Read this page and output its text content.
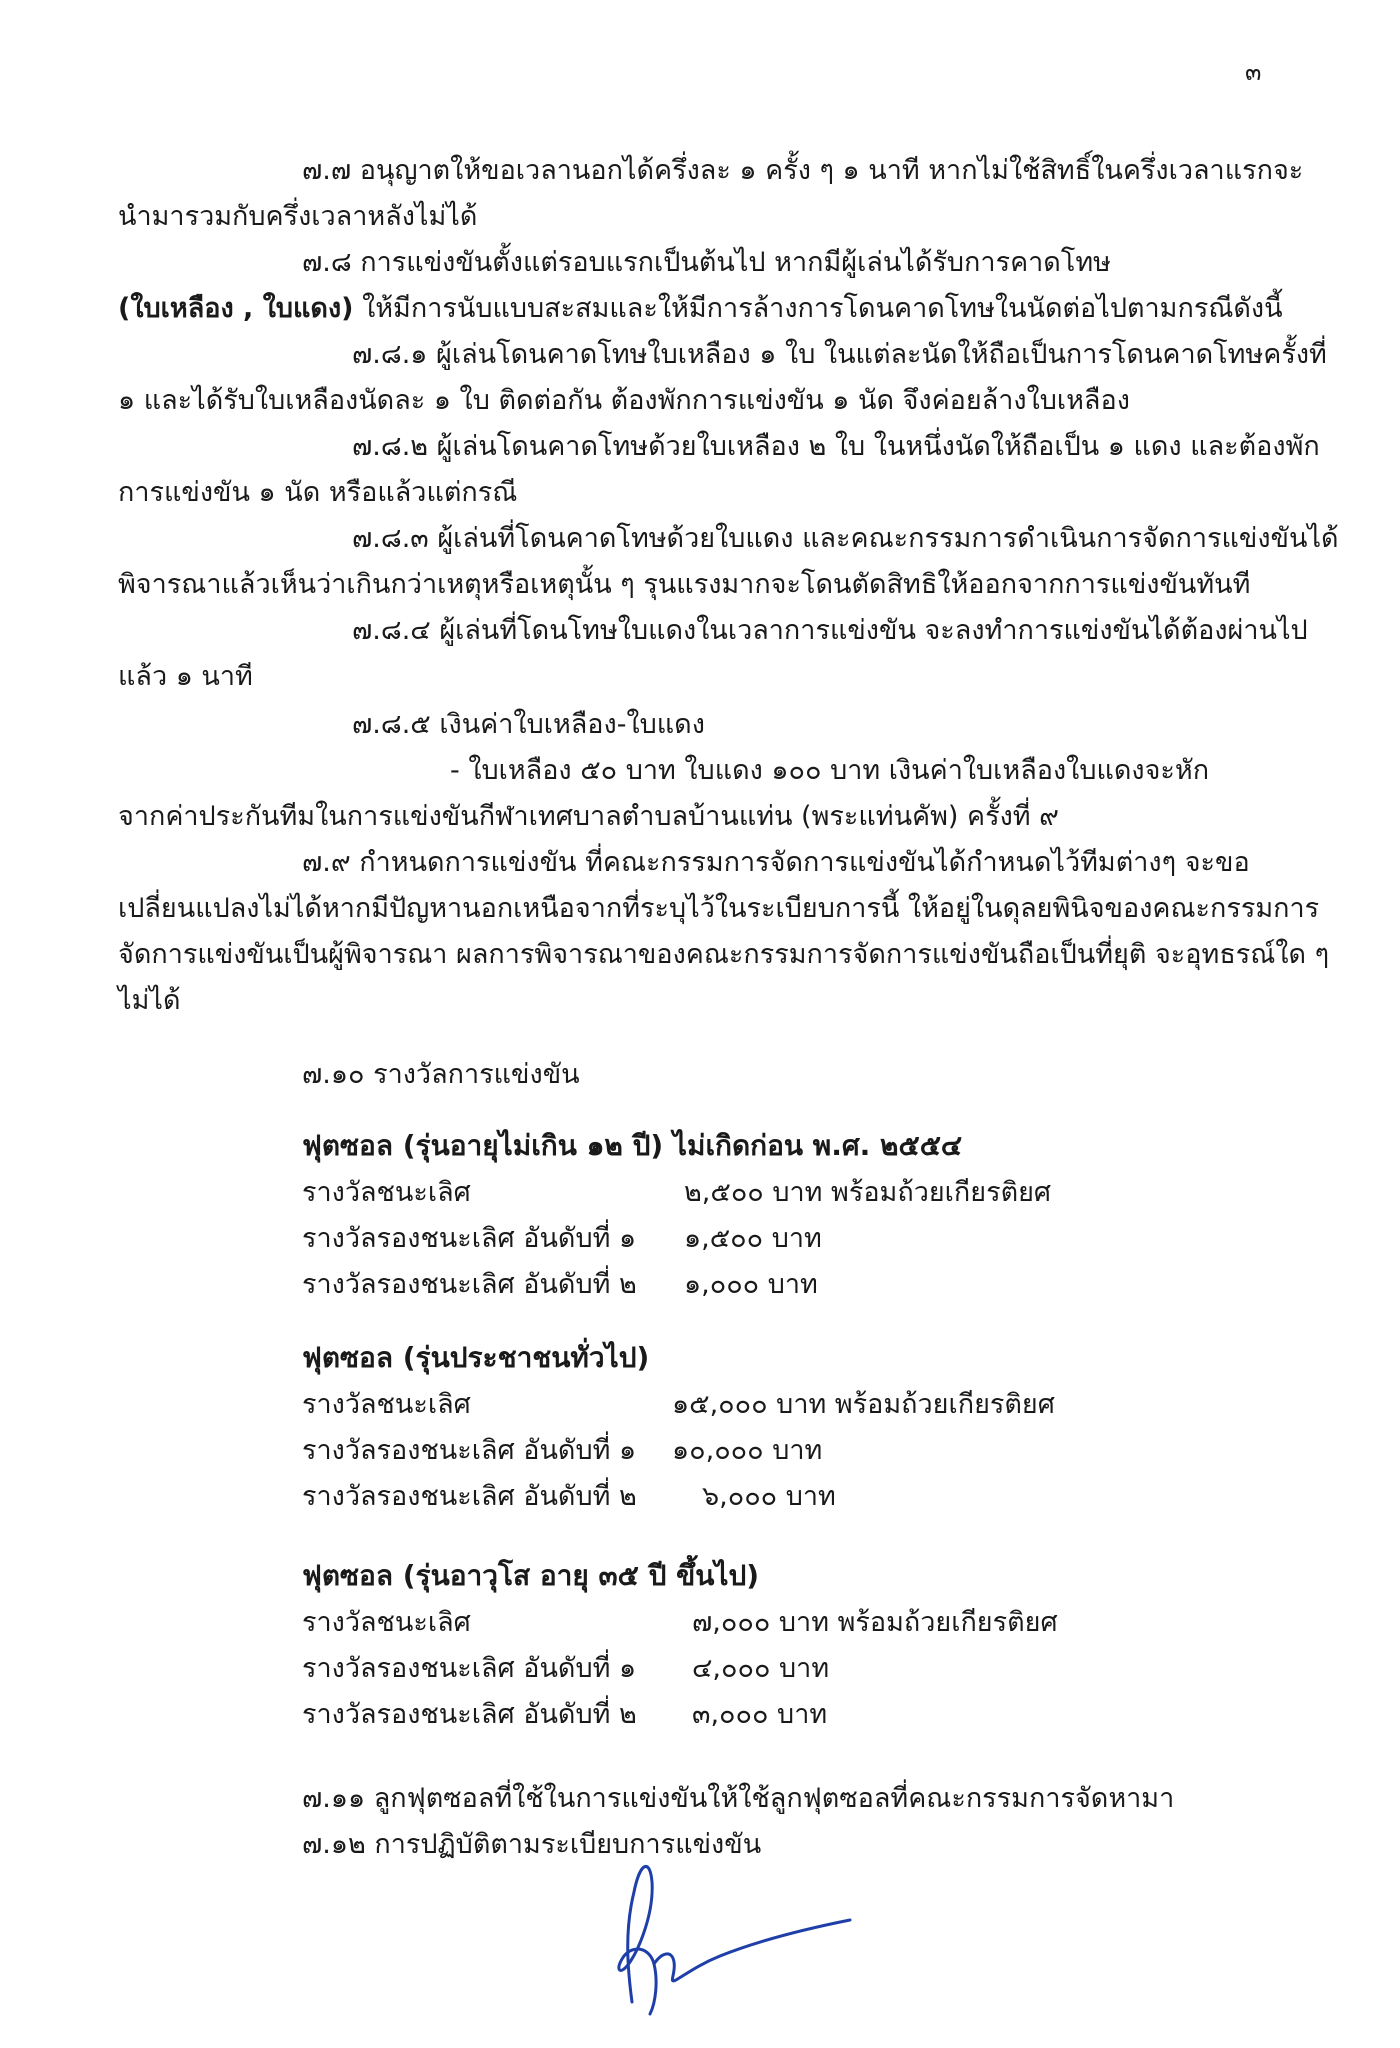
๓
๗.๗ อนุญาตให้ขอเวลานอกได้ครึ่งละ ๑ ครั้ง ๆ ๑ นาที หากไม่ใช้สิทธิ์ในครึ่งเวลาแรกจะ
นำมารวมกับครึ่งเวลาหลังไม่ได้
๗.๘ การแข่งขันตั้งแต่รอบแรกเป็นต้นไป หากมีผู้เล่นได้รับการคาดโทษ
(ใบเหลือง , ใบแดง) ให้มีการนับแบบสะสมและให้มีการล้างการโดนคาดโทษในนัดต่อไปตามกรณีดังนี้
๗.๘.๑ ผู้เล่นโดนคาดโทษใบเหลือง ๑ ใบ ในแต่ละนัดให้ถือเป็นการโดนคาดโทษครั้งที่
๑ และได้รับใบเหลืองนัดละ ๑ ใบ ติดต่อกัน ต้องพักการแข่งขัน ๑ นัด จึงค่อยล้างใบเหลือง
๗.๘.๒ ผู้เล่นโดนคาดโทษด้วยใบเหลือง ๒ ใบ ในหนึ่งนัดให้ถือเป็น ๑ แดง และต้องพัก
การแข่งขัน ๑ นัด หรือแล้วแต่กรณี
๗.๘.๓ ผู้เล่นที่โดนคาดโทษด้วยใบแดง และคณะกรรมการดำเนินการจัดการแข่งขันได้
พิจารณาแล้วเห็นว่าเกินกว่าเหตุหรือเหตุนั้น ๆ รุนแรงมากจะโดนตัดสิทธิให้ออกจากการแข่งขันทันที
๗.๘.๔ ผู้เล่นที่โดนโทษใบแดงในเวลาการแข่งขัน จะลงทำการแข่งขันได้ต้องผ่านไป
แล้ว ๑ นาที
๗.๘.๕ เงินค่าใบเหลือง-ใบแดง
- ใบเหลือง ๕๐ บาท ใบแดง ๑๐๐ บาท เงินค่าใบเหลืองใบแดงจะหัก
จากค่าประกันทีมในการแข่งขันกีฬาเทศบาลตำบลบ้านแท่น (พระแท่นคัพ) ครั้งที่ ๙
๗.๙ กำหนดการแข่งขัน ที่คณะกรรมการจัดการแข่งขันได้กำหนดไว้ทีมต่างๆ จะขอ
เปลี่ยนแปลงไม่ได้หากมีปัญหานอกเหนือจากที่ระบุไว้ในระเบียบการนี้ ให้อยู่ในดุลยพินิจของคณะกรรมการ
จัดการแข่งขันเป็นผู้พิจารณา ผลการพิจารณาของคณะกรรมการจัดการแข่งขันถือเป็นที่ยุติ จะอุทธรณ์ใด ๆ
ไม่ได้
๗.๑๐ รางวัลการแข่งขัน
ฟุตซอล (รุ่นอายุไม่เกิน ๑๒ ปี) ไม่เกิดก่อน พ.ศ. ๒๕๕๔
รางวัลชนะเลิศ	๒,๕๐๐ บาท พร้อมถ้วยเกียรติยศ
รางวัลรองชนะเลิศ อันดับที่ ๑ ๑,๕๐๐ บาท
รางวัลรองชนะเลิศ อันดับที่ ๒ ๑,๐๐๐ บาท
ฟุตซอล (รุ่นประชาชนทั่วไป)
รางวัลชนะเลิศ	๑๕,๐๐๐ บาท พร้อมถ้วยเกียรติยศ
รางวัลรองชนะเลิศ อันดับที่ ๑ ๑๐,๐๐๐ บาท
รางวัลรองชนะเลิศ อันดับที่ ๒ ๖,๐๐๐ บาท
ฟุตซอล (รุ่นอาวุโส อายุ ๓๕ ปี ขึ้นไป)
รางวัลชนะเลิศ	๗,๐๐๐ บาท พร้อมถ้วยเกียรติยศ
รางวัลรองชนะเลิศ อันดับที่ ๑ ๔,๐๐๐ บาท
รางวัลรองชนะเลิศ อันดับที่ ๒ ๓,๐๐๐ บาท
๗.๑๑ ลูกฟุตซอลที่ใช้ในการแข่งขันให้ใช้ลูกฟุตซอลที่คณะกรรมการจัดหามา
๗.๑๒ การปฏิบัติตามระเบียบการแข่งขัน
